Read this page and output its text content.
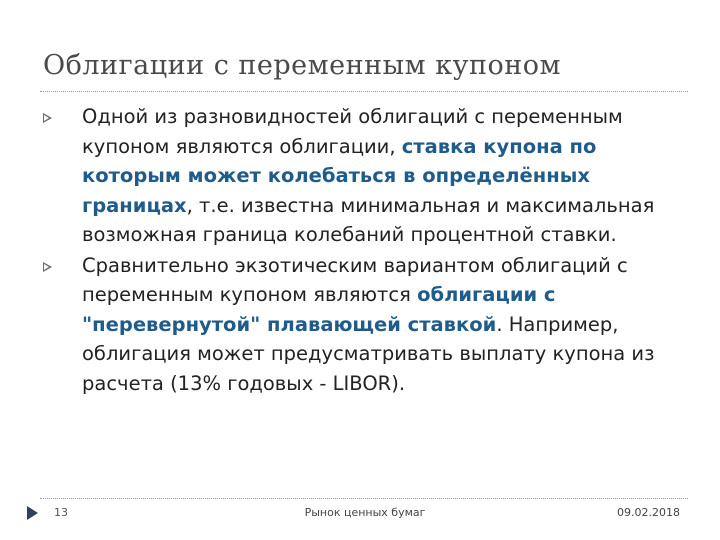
Облигации с переменным купоном
Одной из разновидностей облигаций с переменным купоном являются облигации, ставка купона по которым может колебаться в определённых границах, т.е. известна минимальная и максимальная возможная граница колебаний процентной ставки.
Сравнительно экзотическим вариантом облигаций с переменным купоном являются облигации с "перевернутой" плавающей ставкой. Например, облигация может предусматривать выплату купона из расчета (13% годовых - LIBOR).
13	Рынок ценных бумаг	09.02.2018
